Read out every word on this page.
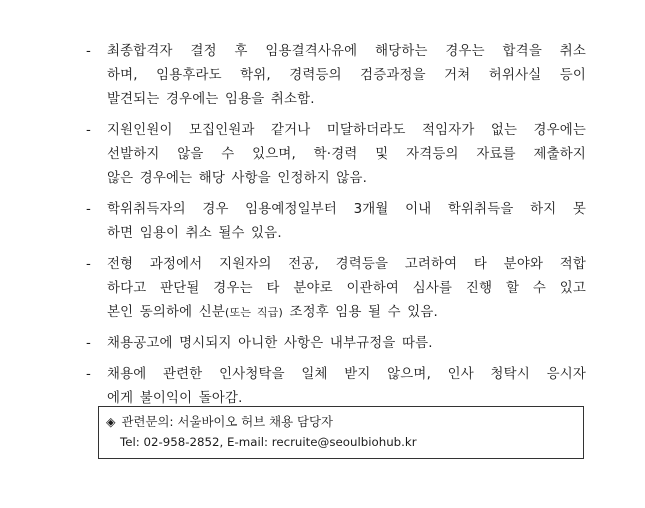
-	최종합격자 결정 후 임용결격사유에 해당하는 경우는 합격을 취소
하며, 임용후라도 학위, 경력등의 검증과정을 거쳐 허위사실 등이
발견되는 경우에는 임용을 취소함.
-	지원인원이 모집인원과 같거나 미달하더라도 적임자가 없는 경우에는
선발하지 않을 수 있으며, 학·경력 및 자격등의 자료를 제출하지
않은 경우에는 해당 사항을 인정하지 않음.
-	학위취득자의 경우 임용예정일부터 3개월 이내 학위취득을 하지 못
하면 임용이 취소 될수 있음.
-	전형 과정에서 지원자의 전공, 경력등을 고려하여 타 분야와 적합
하다고 판단될 경우는 타 분야로 이관하여 심사를 진행 할 수 있고
본인 동의하에 신분(또는 직급) 조정후 임용 될 수 있음.
-	채용공고에 명시되지 아니한 사항은 내부규정을 따름.
-	채용에 관련한 인사청탁을 일체 받지 않으며, 인사 청탁시 응시자
에게 불이익이 돌아감.
◈ 관련문의: 서울바이오 허브 채용 담당자
Tel: 02-958-2852, E-mail: recruite@seoulbiohub.kr
